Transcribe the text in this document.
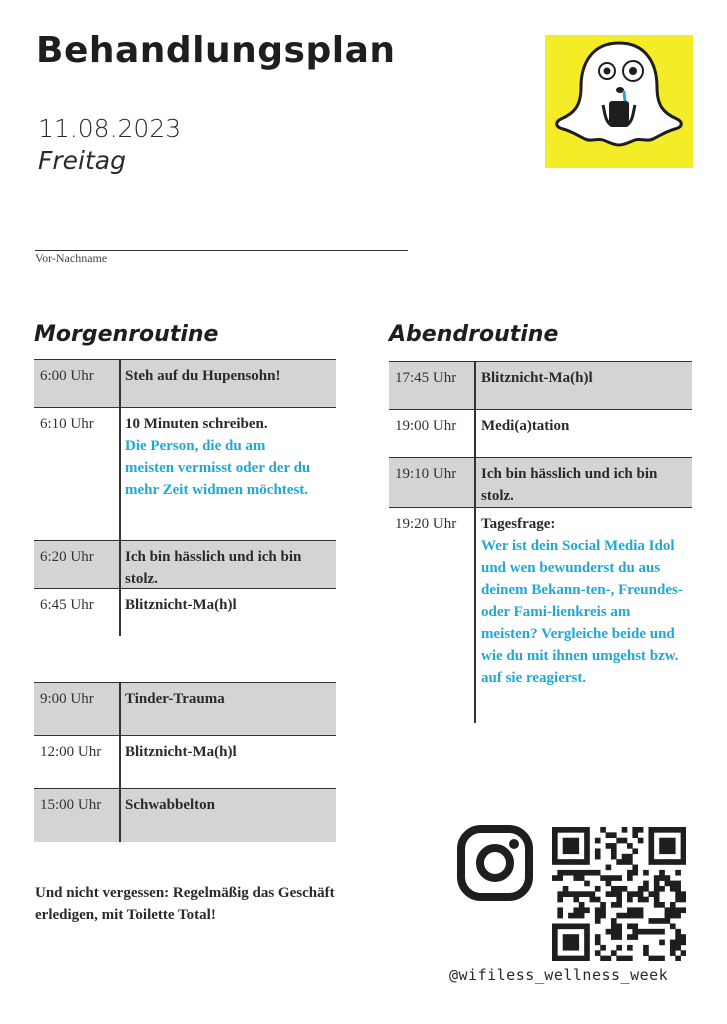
Behandlungsplan
11.08.2023
Freitag
Vor-Nachname
Morgenroutine	Abendroutine
6:00 Uhr Steh auf du Hupensohn!
6:10 Uhr 10 Minuten schreiben.
Die Person, die du am meisten vermisst oder der du mehr Zeit widmen möchtest.
6:20 Uhr Ich bin hässlich und ich bin stolz.
6:45 Uhr Blitznicht-Ma(h)l
9:00 Uhr Tinder-Trauma
12:00 Uhr Blitznicht-Ma(h)l
15:00 Uhr Schwabbelton
17:45 Uhr Blitznicht-Ma(h)l
19:00 Uhr Medi(a)tation
19:10 Uhr Ich bin hässlich und ich bin stolz.
19:20 Uhr Tagesfrage:
Wer ist dein Social Media Idol und wen bewunderst du aus deinem Bekann-ten-, Freundes- oder Fami-lienkreis am meisten? Vergleiche beide und wie du mit ihnen umgehst bzw. auf sie reagierst.
Und nicht vergessen: Regelmäßig das Geschäft erledigen, mit Toilette Total!
@wifiless_wellness_week
